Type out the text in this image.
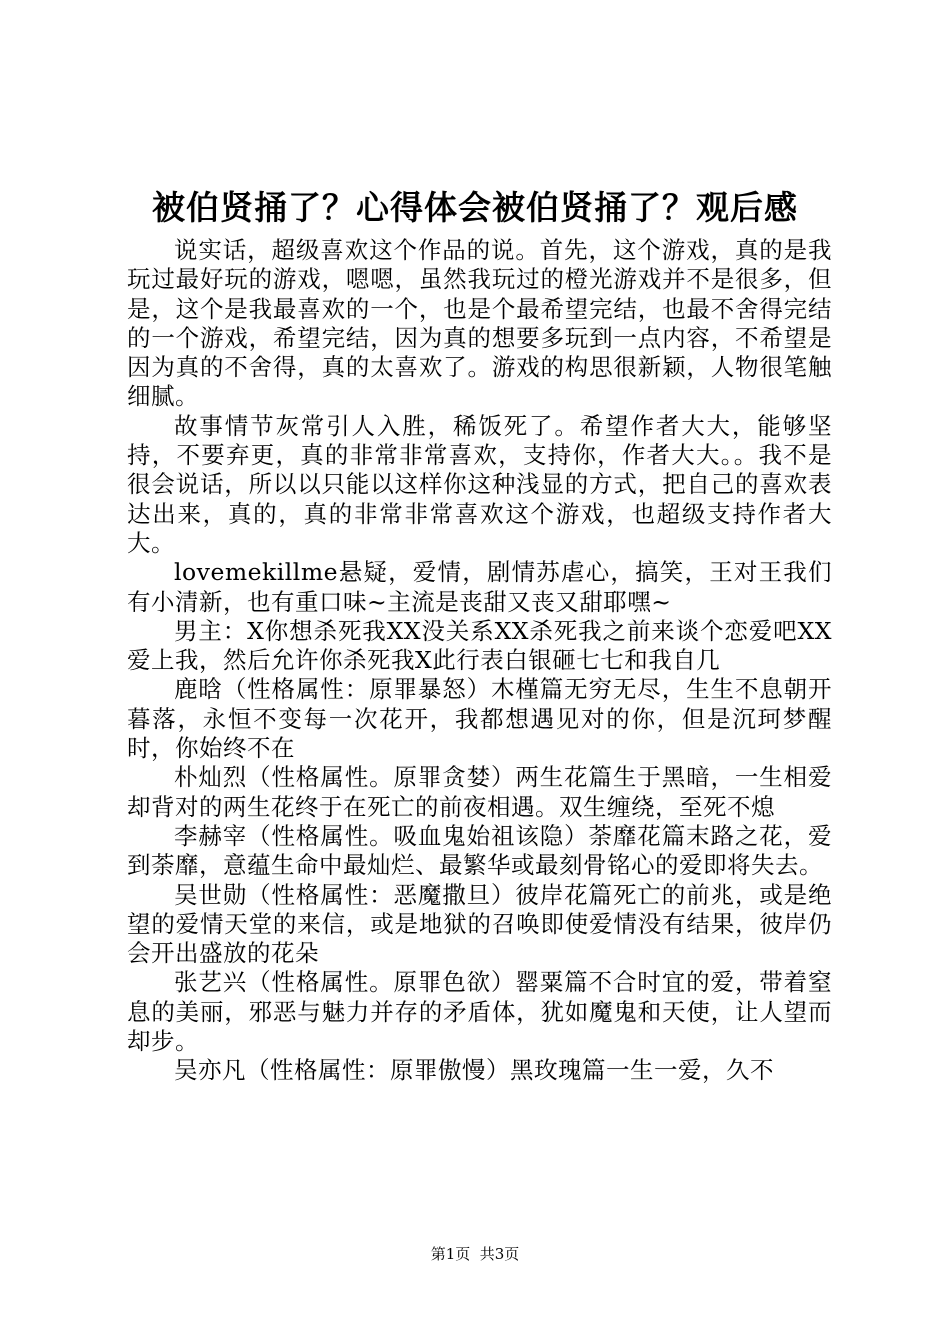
被伯贤捅了？心得体会被伯贤捅了？观后感

说实话，超级喜欢这个作品的说。首先，这个游戏，真的是我玩过最好玩的游戏，嗯嗯，虽然我玩过的橙光游戏并不是很多，但是，这个是我最喜欢的一个，也是个最希望完结，也最不舍得完结的一个游戏，希望完结，因为真的想要多玩到一点内容，不希望是因为真的不舍得，真的太喜欢了。游戏的构思很新颖，人物很笔触细腻。

故事情节灰常引人入胜，稀饭死了。希望作者大大，能够坚持，不要弃更，真的非常非常喜欢，支持你，作者大大。。我不是很会说话，所以以只能以这样你这种浅显的方式，把自己的喜欢表达出来，真的，真的非常非常喜欢这个游戏，也超级支持作者大大。

lovemekillme悬疑，爱情，剧情苏虐心，搞笑，王对王我们有小清新，也有重口味~主流是丧甜又丧又甜耶嘿~

男主：X你想杀死我XX没关系XX杀死我之前来谈个恋爱吧XX爱上我，然后允许你杀死我X此行表白银砸七七和我自几

鹿晗（性格属性：原罪暴怒）木槿篇无穷无尽，生生不息朝开暮落，永恒不变每一次花开，我都想遇见对的你，但是沉珂梦醒时，你始终不在

朴灿烈（性格属性。原罪贪婪）两生花篇生于黑暗，一生相爱却背对的两生花终于在死亡的前夜相遇。双生缠绕，至死不熄

李赫宰（性格属性。吸血鬼始祖该隐）荼靡花篇末路之花，爱到荼靡，意蕴生命中最灿烂、最繁华或最刻骨铭心的爱即将失去。

吴世勋（性格属性：恶魔撒旦）彼岸花篇死亡的前兆，或是绝望的爱情天堂的来信，或是地狱的召唤即使爱情没有结果，彼岸仍会开出盛放的花朵

张艺兴（性格属性。原罪色欲）罂粟篇不合时宜的爱，带着窒息的美丽，邪恶与魅力并存的矛盾体，犹如魔鬼和天使，让人望而却步。

吴亦凡（性格属性：原罪傲慢）黑玫瑰篇一生一爱，久不

第1页  共3页
